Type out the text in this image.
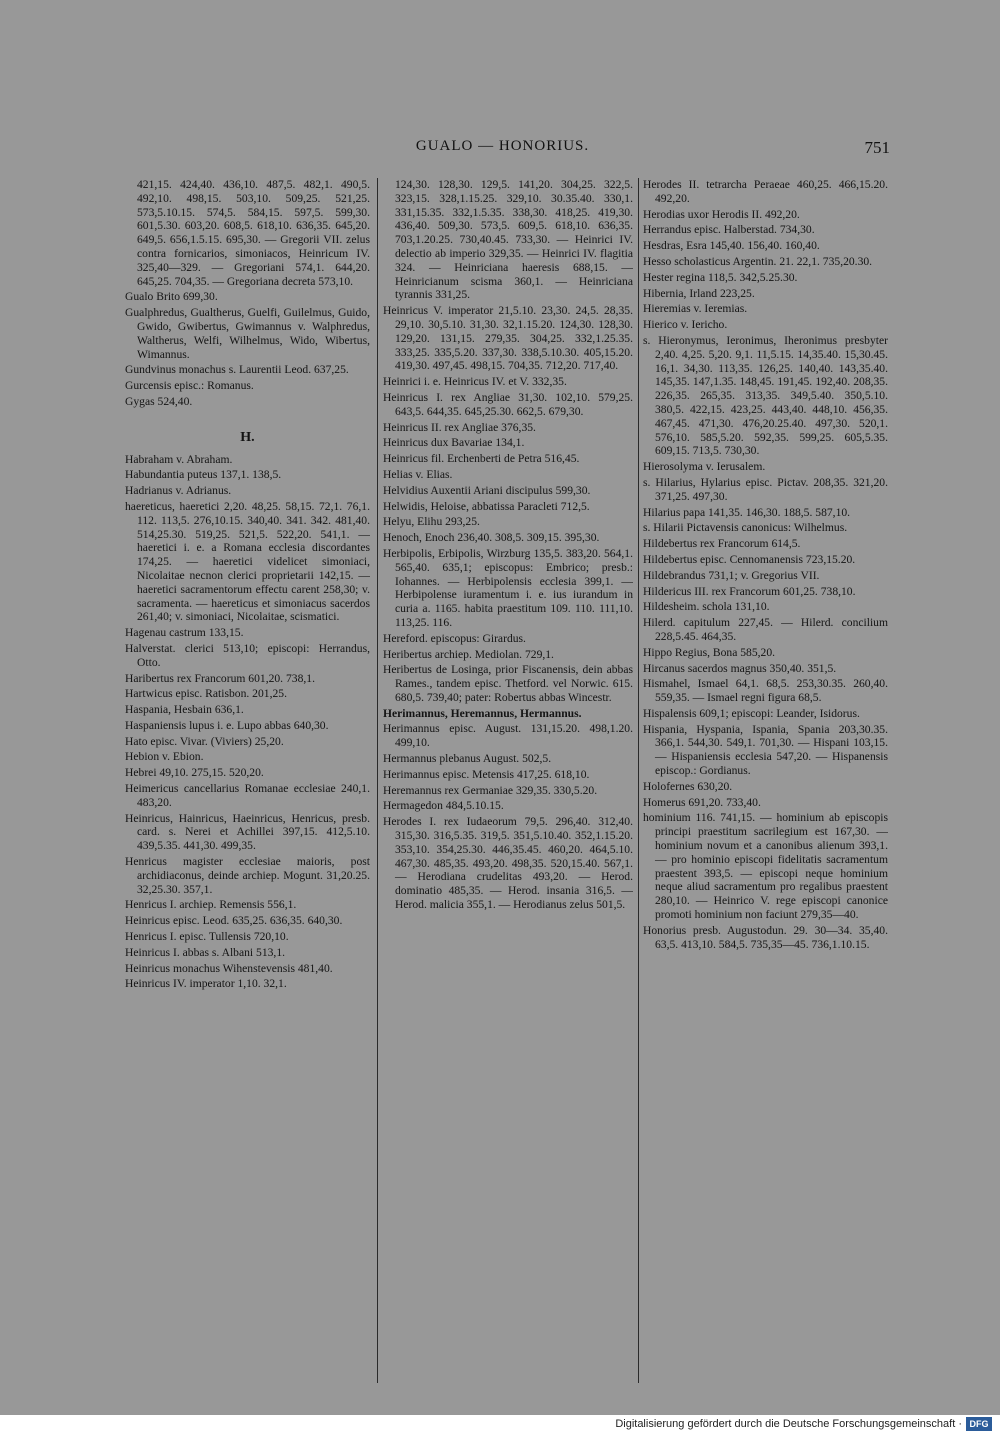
GUALO — HONORIUS.	751
421,15. 424,40. 436,10. 487,5. 482,1. 490,5. 492,10. 498,15. 503,10. 509,25. 521,25. 573,5.10.15. 574,5. 584,15. 597,5. 599,30. 601,5.30. 603,20. 608,5. 618,10. 636,35. 645,20. 649,5. 656,1.5.15. 695,30. — Gregorii VII. zelus contra fornicarios, simoniacos, Heinricum IV. 325,40—329. — Gregoriani 574,1. 644,20. 645,25. 704,35. — Gregoriana decreta 573,10.
Gualo Brito 699,30.
Gualphredus, Gualtherus, Guelfi, Guilelmus, Guido, Gwido, Gwibertus, Gwimannus v. Walphredus, Waltherus, Welfi, Wilhelmus, Wido, Wibertus, Wimannus.
Gundvinus monachus s. Laurentii Leod. 637,25.
Gurcensis episc.: Romanus.
Gygas 524,40.
H.
Habraham v. Abraham.
Habundantia puteus 137,1. 138,5.
Hadrianus v. Adrianus.
haereticus, haeretici 2,20. 48,25. 58,15. 72,1. 76,1. 112. 113,5. 276,10.15. 340,40. 341. 342. 481,40. 514,25.30. 519,25. 521,5. 522,20. 541,1. — haeretici i. e. a Romana ecclesia discordantes 174,25. — haeretici videlicet simoniaci, Nicolaitae necnon clerici proprietarii 142,15. — haeretici sacramentorum effectu carent 258,30; v. sacramenta. — haereticus et simoniacus sacerdos 261,40; v. simoniaci, Nicolaitae, scismatici.
Hagenau castrum 133,15.
Halverstat. clerici 513,10; episcopi: Herrandus, Otto.
Haribertus rex Francorum 601,20. 738,1.
Hartwicus episc. Ratisbon. 201,25.
Haspania, Hesbain 636,1.
Haspaniensis lupus i. e. Lupo abbas 640,30.
Hato episc. Vivar. (Viviers) 25,20.
Hebion v. Ebion.
Hebrei 49,10. 275,15. 520,20.
Heimericus cancellarius Romanae ecclesiae 240,1. 483,20.
Heinricus, Hainricus, Haeinricus, Henricus, presb. card. s. Nerei et Achillei 397,15. 412,5.10. 439,5.35. 441,30. 499,35.
Henricus magister ecclesiae maioris, post archidiaconus, deinde archiep. Mogunt. 31,20.25. 32,25.30. 357,1.
Henricus I. archiep. Remensis 556,1.
Heinricus episc. Leod. 635,25. 636,35. 640,30.
Henricus I. episc. Tullensis 720,10.
Heinricus I. abbas s. Albani 513,1.
Heinricus monachus Wihenstevensis 481,40.
Heinricus IV. imperator 1,10. 32,1.
124,30. 128,30. 129,5. 141,20. 304,25. 322,5. 323,15. 328,1.15.25. 329,10. 30.35.40. 330,1. 331,15.35. 332,1.5.35. 338,30. 418,25. 419,30. 436,40. 509,30. 573,5. 609,5. 618,10. 636,35. 703,1.20.25. 730,40.45. 733,30. — Heinrici IV. delectio ab imperio 329,35. — Heinrici IV. flagitia 324. — Heinriciana haeresis 688,15. — Heinricianum scisma 360,1. — Heinriciana tyrannis 331,25.
Heinricus V. imperator 21,5.10. 23,30. 24,5. 28,35. 29,10. 30,5.10. 31,30. 32,1.15.20. 124,30. 128,30. 129,20. 131,15. 279,35. 304,25. 332,1.25.35. 333,25. 335,5.20. 337,30. 338,5.10.30. 405,15.20. 419,30. 497,45. 498,15. 704,35. 712,20. 717,40.
Heinrici i. e. Heinricus IV. et V. 332,35.
Heinricus I. rex Angliae 31,30. 102,10. 579,25. 643,5. 644,35. 645,25.30. 662,5. 679,30.
Heinricus II. rex Angliae 376,35.
Heinricus dux Bavariae 134,1.
Heinricus fil. Erchenberti de Petra 516,45.
Helias v. Elias.
Helvidius Auxentii Ariani discipulus 599,30.
Helwidis, Heloise, abbatissa Paracleti 712,5.
Helyu, Elihu 293,25.
Henoch, Enoch 236,40. 308,5. 309,15. 395,30.
Herbipolis, Erbipolis, Wirzburg 135,5. 383,20. 564,1. 565,40. 635,1; episcopus: Embrico; presb.: Iohannes. — Herbipolensis ecclesia 399,1. — Herbipolense iuramentum i. e. ius iurandum in curia a. 1165. habita praestitum 109. 110. 111,10. 113,25. 116.
Hereford. episcopus: Girardus.
Heribertus archiep. Mediolan. 729,1.
Heribertus de Losinga, prior Fiscanensis, dein abbas Rames., tandem episc. Thetford. vel Norwic. 615. 680,5. 739,40; pater: Robertus abbas Wincestr.
Herimannus, Heremannus, Hermannus.
Herimannus episc. August. 131,15.20. 498,1.20. 499,10.
Hermannus plebanus August. 502,5.
Herimannus episc. Metensis 417,25. 618,10.
Heremannus rex Germaniae 329,35. 330,5.20.
Hermagedon 484,5.10.15.
Herodes I. rex Iudaeorum 79,5. 296,40. 312,40. 315,30. 316,5.35. 319,5. 351,5.10.40. 352,1.15.20. 353,10. 354,25.30. 446,35.45. 460,20. 464,5.10. 467,30. 485,35. 493,20. 498,35. 520,15.40. 567,1. — Herodiana crudelitas 493,20. — Herod. dominatio 485,35. — Herod. insania 316,5. — Herod. malicia 355,1. — Herodianus zelus 501,5.
Herodes II. tetrarcha Peraeae 460,25. 466,15.20. 492,20.
Herodias uxor Herodis II. 492,20.
Herrandus episc. Halberstad. 734,30.
Hesdras, Esra 145,40. 156,40. 160,40.
Hesso scholasticus Argentin. 21. 22,1. 735,20.30.
Hester regina 118,5. 342,5.25.30.
Hibernia, Irland 223,25.
Hieremias v. Ieremias.
Hierico v. Iericho.
s. Hieronymus, Ieronimus, Iheronimus presbyter 2,40. 4,25. 5,20. 9,1. 11,5.15. 14,35.40. 15,30.45. 16,1. 34,30. 113,35. 126,25. 140,40. 143,35.40. 145,35. 147,1.35. 148,45. 191,45. 192,40. 208,35. 226,35. 265,35. 313,35. 349,5.40. 350,5.10. 380,5. 422,15. 423,25. 443,40. 448,10. 456,35. 467,45. 471,30. 476,20.25.40. 497,30. 520,1. 576,10. 585,5.20. 592,35. 599,25. 605,5.35. 609,15. 713,5. 730,30.
Hierosolyma v. Ierusalem.
s. Hilarius, Hylarius episc. Pictav. 208,35. 321,20. 371,25. 497,30.
Hilarius papa 141,35. 146,30. 188,5. 587,10.
s. Hilarii Pictavensis canonicus: Wilhelmus.
Hildebertus rex Francorum 614,5.
Hildebertus episc. Cennomanensis 723,15.20.
Hildebrandus 731,1; v. Gregorius VII.
Hildericus III. rex Francorum 601,25. 738,10.
Hildesheim. schola 131,10.
Hilerd. capitulum 227,45. — Hilerd. concilium 228,5.45. 464,35.
Hippo Regius, Bona 585,20.
Hircanus sacerdos magnus 350,40. 351,5.
Hismahel, Ismael 64,1. 68,5. 253,30.35. 260,40. 559,35. — Ismael regni figura 68,5.
Hispalensis 609,1; episcopi: Leander, Isidorus.
Hispania, Hyspania, Ispania, Spania 203,30.35. 366,1. 544,30. 549,1. 701,30. — Hispani 103,15. — Hispaniensis ecclesia 547,20. — Hispanensis episcop.: Gordianus.
Holofernes 630,20.
Homerus 691,20. 733,40.
hominium 116. 741,15. — hominium ab episcopis principi praestitum sacrilegium est 167,30. — hominium novum et a canonibus alienum 393,1. — pro hominio episcopi fidelitatis sacramentum praestent 393,5. — episcopi neque hominium neque aliud sacramentum pro regalibus praestent 280,10. — Heinrico V. rege episcopi canonice promoti hominium non faciunt 279,35—40.
Honorius presb. Augustodun. 29. 30—34. 35,40. 63,5. 413,10. 584,5. 735,35—45. 736,1.10.15.
Digitalisierung gefördert durch die Deutsche Forschungsgemeinschaft · DFG
